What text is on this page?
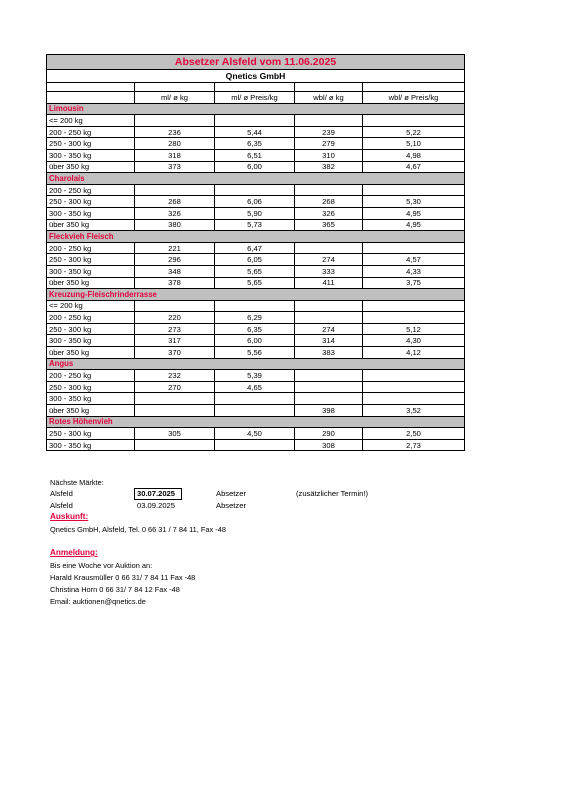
Absetzer Alsfeld vom 11.06.2025				
Qnetics GmbH				

	ml/ ø kg	ml/ ø Preis/kg	wbl/ ø kg	wbl/ ø Preis/kg
Limousin				
<= 200 kg				
200 - 250 kg	236	5,44	239	5,22
250 - 300 kg	280	6,35	279	5,10
300 - 350 kg	318	6,51	310	4,98
über 350 kg	373	6,00	382	4,67
Charolais				
200 - 250 kg				
250 - 300 kg	268	6,06	268	5,30
300 - 350 kg	326	5,90	326	4,95
über 350 kg	380	5,73	365	4,95
Fleckvieh Fleisch				
200 - 250 kg	221	6,47		
250 - 300 kg	296	6,05	274	4,57
300 - 350 kg	348	5,65	333	4,33
über 350 kg	378	5,65	411	3,75
Kreuzung-Fleischrinderrasse				
<= 200 kg				
200 - 250 kg	220	6,29		
250 - 300 kg	273	6,35	274	5,12
300 - 350 kg	317	6,00	314	4,30
über 350 kg	370	5,56	383	4,12
Angus				
200 - 250 kg	232	5,39		
250 - 300 kg	270	4,65		
300 - 350 kg				
über 350 kg			398	3,52
Rotes Höhenvieh				
250 - 300 kg	305	4,50	290	2,50
300 - 350 kg			308	2,73
Nächste Märkte:
Alsfeld	30.07.2025	Absetzer	(zusätzlicher Termin!)
Alsfeld	03.09.2025	Absetzer
Auskunft:
Qnetics GmbH, Alsfeld, Tel. 0 66 31 / 7 84 11, Fax -48
Anmeldung:
Bis eine Woche vor Auktion an:
Harald Krausmüller 0 66 31/ 7 84 11 Fax -48
Christina Horn 0 66 31/ 7 84 12 Fax -48
Email: auktionen@qnetics.de
